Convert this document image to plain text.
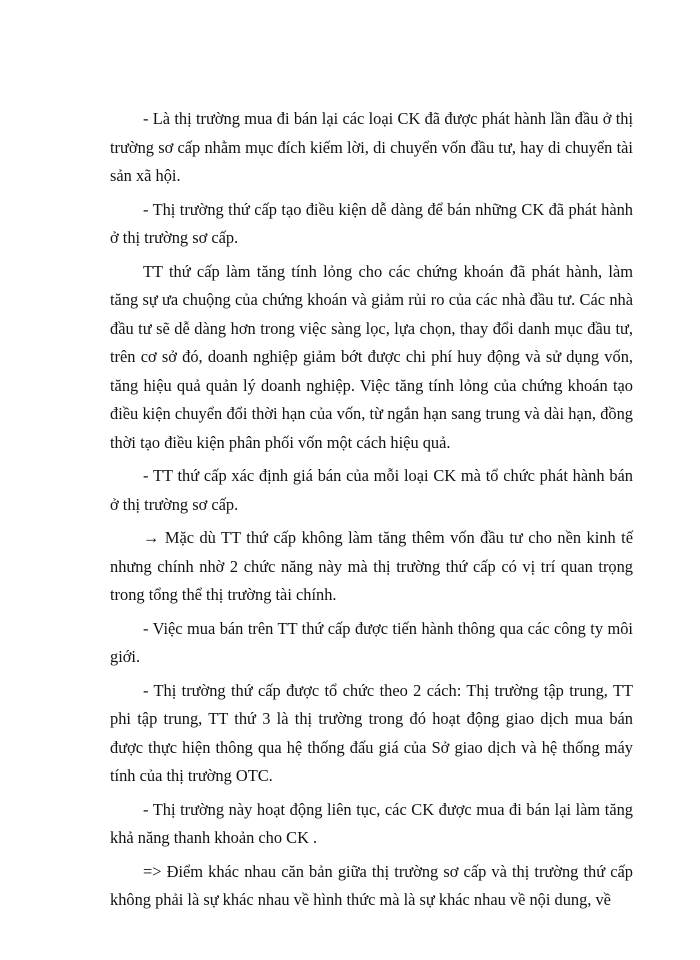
- Là thị trường mua đi bán lại các loại CK đã được phát hành lần đầu ở thị trường sơ cấp nhằm mục đích kiếm lời, di chuyển vốn đầu tư, hay di chuyển tài sản xã hội.

- Thị trường thứ cấp tạo điều kiện dễ dàng để bán những CK đã phát hành ở thị trường sơ cấp.

TT thứ cấp làm tăng tính lỏng cho các chứng khoán đã phát hành, làm tăng sự ưa chuộng của chứng khoán và giảm rủi ro của các nhà đầu tư. Các nhà đầu tư sẽ dễ dàng hơn trong việc sàng lọc, lựa chọn, thay đổi danh mục đầu tư, trên cơ sở đó, doanh nghiệp giảm bớt được chi phí huy động và sử dụng vốn, tăng hiệu quả quản lý doanh nghiệp. Việc tăng tính lỏng của chứng khoán tạo điều kiện chuyển đổi thời hạn của vốn, từ ngắn hạn sang trung và dài hạn, đồng thời tạo điều kiện phân phối vốn một cách hiệu quả.

- TT thứ cấp xác định giá bán của mỗi loại CK mà tổ chức phát hành bán ở thị trường sơ cấp.

→ Mặc dù TT thứ cấp không làm tăng thêm vốn đầu tư cho nền kinh tế nhưng chính nhờ 2 chức năng này mà thị trường thứ cấp có vị trí quan trọng trong tổng thể thị trường tài chính.

- Việc mua bán trên TT thứ cấp được tiến hành thông qua các công ty môi giới.

- Thị trường thứ cấp được tổ chức theo 2 cách: Thị trường tập trung, TT phi tập trung, TT thứ 3 là thị trường trong đó hoạt động giao dịch mua bán được thực hiện thông qua hệ thống đấu giá của Sở giao dịch và hệ thống máy tính của thị trường OTC.

- Thị trường này hoạt động liên tục, các CK được mua đi bán lại làm tăng khả năng thanh khoản cho CK .

=> Điểm khác nhau căn bản giữa thị trường sơ cấp và thị trường thứ cấp không phải là sự khác nhau về hình thức mà là sự khác nhau về nội dung, về
